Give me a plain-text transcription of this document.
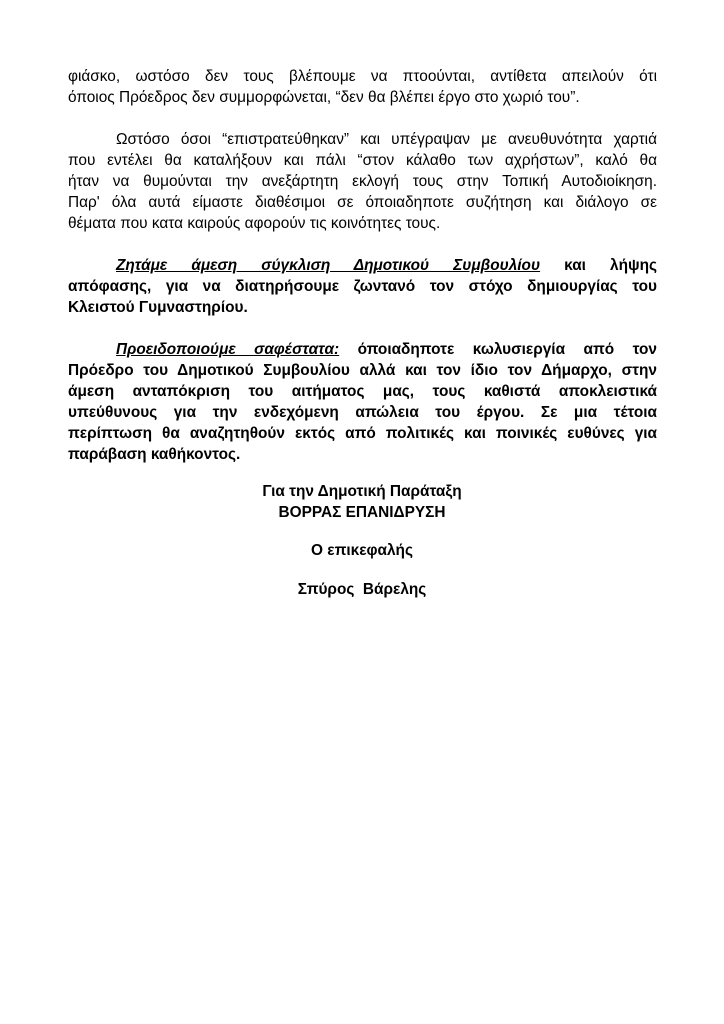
φιάσκο, ωστόσο δεν τους βλέπουμε να πτοούνται, αντίθετα απειλούν ότι
όποιος Πρόεδρος δεν συμμορφώνεται, “δεν θα βλέπει έργο στο χωριό του”.
Ωστόσο όσοι “επιστρατεύθηκαν” και υπέγραψαν με ανευθυνότητα χαρτιά
που εντέλει θα καταλήξουν και πάλι “στον κάλαθο των αχρήστων”, καλό θα
ήταν να θυμούνται την ανεξάρτητη εκλογή τους στην Τοπική Αυτοδιοίκηση.
Παρ' όλα αυτά είμαστε διαθέσιμοι σε όποιαδηποτε συζήτηση και διάλογο σε
θέματα που κατα καιρούς αφορούν τις κοινότητες τους.
Ζητάμε άμεση σύγκλιση Δημοτικού Συμβουλίου και λήψης
απόφασης, για να διατηρήσουμε ζωντανό τον στόχο δημιουργίας του
Κλειστού Γυμναστηρίου.
Προειδοποιούμε σαφέστατα: όποιαδηποτε κωλυσιεργία από τον
Πρόεδρο του Δημοτικού Συμβουλίου αλλά και τον ίδιο τον Δήμαρχο, στην
άμεση ανταπόκριση του αιτήματος μας, τους καθιστά αποκλειστικά
υπεύθυνους για την ενδεχόμενη απώλεια του έργου. Σε μια τέτοια
περίπτωση θα αναζητηθούν εκτός από πολιτικές και ποινικές ευθύνες για
παράβαση καθήκοντος.
Για την Δημοτική Παράταξη
ΒΟΡΡΑΣ ΕΠΑΝΙΔΡΥΣΗ
Ο επικεφαλής
Σπύρος  Βάρελης
